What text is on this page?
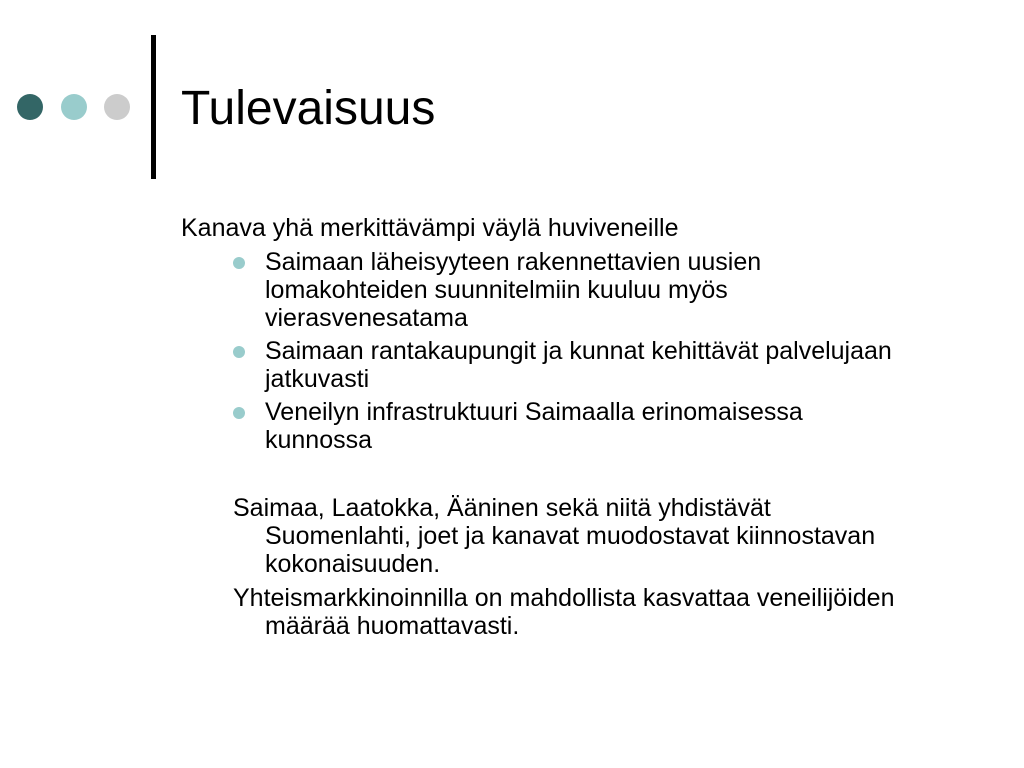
Tulevaisuus

Kanava yhä merkittävämpi väylä huviveneille

Saimaan läheisyyteen rakennettavien uusien lomakohteiden suunnitelmiin kuuluu myös vierasvenesatama
Saimaan rantakaupungit ja kunnat kehittävät palvelujaan jatkuvasti
Veneilyn infrastruktuuri Saimaalla erinomaisessa kunnossa

Saimaa, Laatokka, Ääninen sekä niitä yhdistävät Suomenlahti, joet ja kanavat muodostavat kiinnostavan kokonaisuuden.

Yhteismarkkinoinnilla on mahdollista kasvattaa veneilijöiden määrää huomattavasti.
